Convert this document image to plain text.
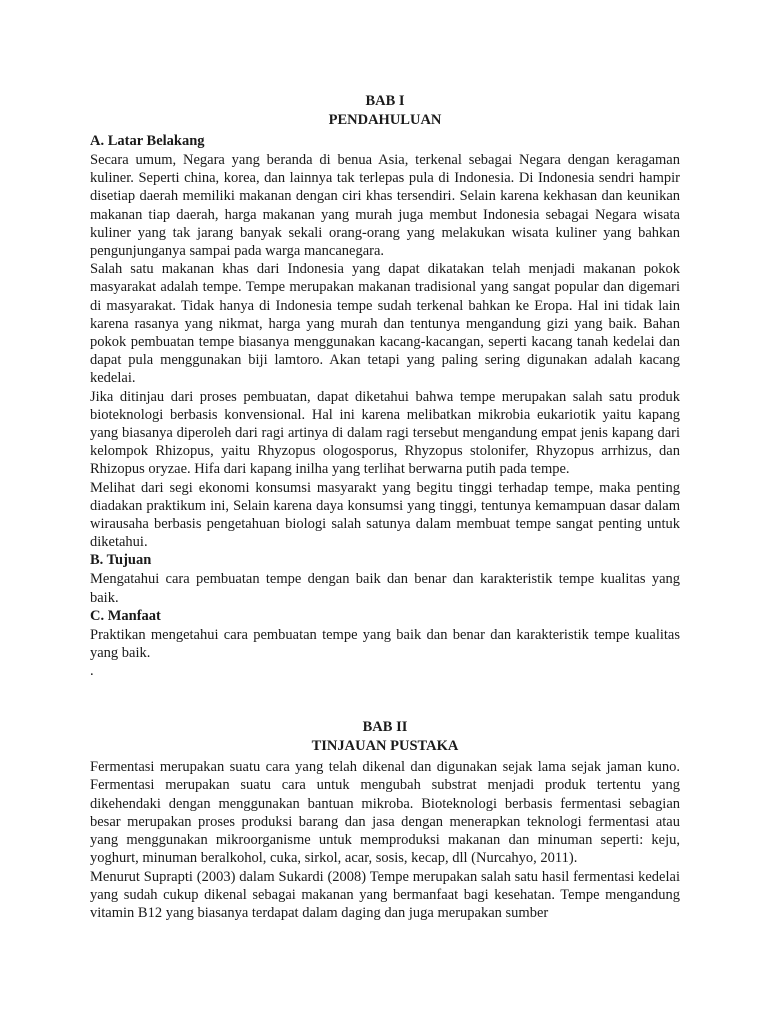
BAB I

PENDAHULUAN

A. Latar Belakang

Secara umum, Negara yang beranda di benua Asia, terkenal sebagai Negara dengan keragaman kuliner. Seperti china, korea, dan lainnya tak terlepas pula di Indonesia. Di Indonesia sendri hampir disetiap daerah memiliki makanan dengan ciri khas tersendiri. Selain karena kekhasan dan keunikan makanan tiap daerah, harga makanan yang murah juga membut Indonesia sebagai Negara wisata kuliner yang tak jarang banyak sekali orang-orang yang melakukan wisata kuliner yang bahkan pengunjunganya sampai pada warga mancanegara.

Salah satu makanan khas dari Indonesia yang dapat dikatakan telah menjadi makanan pokok masyarakat adalah tempe. Tempe merupakan makanan tradisional yang sangat popular dan digemari di masyarakat. Tidak hanya di Indonesia tempe sudah terkenal bahkan ke Eropa. Hal ini tidak lain karena rasanya yang nikmat, harga yang murah dan tentunya mengandung gizi yang baik. Bahan pokok pembuatan tempe biasanya menggunakan kacang-kacangan, seperti kacang tanah kedelai dan dapat pula menggunakan biji lamtoro. Akan tetapi yang paling sering digunakan adalah kacang kedelai.

Jika ditinjau dari proses pembuatan, dapat diketahui bahwa tempe merupakan salah satu produk bioteknologi berbasis konvensional. Hal ini karena melibatkan mikrobia eukariotik yaitu kapang yang biasanya diperoleh dari ragi artinya di dalam ragi tersebut mengandung empat jenis kapang dari kelompok Rhizopus, yaitu Rhyzopus ologosporus, Rhyzopus stolonifer, Rhyzopus arrhizus, dan Rhizopus oryzae. Hifa dari kapang inilha yang terlihat berwarna putih pada tempe.

Melihat dari segi ekonomi konsumsi masyarakt yang begitu tinggi terhadap tempe, maka penting diadakan praktikum ini, Selain karena daya konsumsi yang tinggi, tentunya kemampuan dasar dalam wirausaha berbasis pengetahuan biologi salah satunya dalam membuat tempe sangat penting untuk diketahui.

B. Tujuan

Mengatahui cara pembuatan tempe dengan baik dan benar dan karakteristik tempe kualitas yang baik.

C. Manfaat

Praktikan mengetahui cara pembuatan tempe yang baik dan benar dan karakteristik tempe kualitas yang baik.

.

BAB II

TINJAUAN PUSTAKA

Fermentasi merupakan suatu cara yang telah dikenal dan digunakan sejak lama sejak jaman kuno. Fermentasi merupakan suatu cara untuk mengubah substrat menjadi produk tertentu yang dikehendaki dengan menggunakan bantuan mikroba. Bioteknologi berbasis fermentasi sebagian besar merupakan proses produksi barang dan jasa dengan menerapkan teknologi fermentasi atau yang menggunakan mikroorganisme untuk memproduksi makanan dan minuman seperti: keju, yoghurt, minuman beralkohol, cuka, sirkol, acar, sosis, kecap, dll (Nurcahyo, 2011).

Menurut Suprapti (2003) dalam Sukardi (2008) Tempe merupakan salah satu hasil fermentasi kedelai yang sudah cukup dikenal sebagai makanan yang bermanfaat bagi kesehatan. Tempe mengandung vitamin B12 yang biasanya terdapat dalam daging dan juga merupakan sumber
